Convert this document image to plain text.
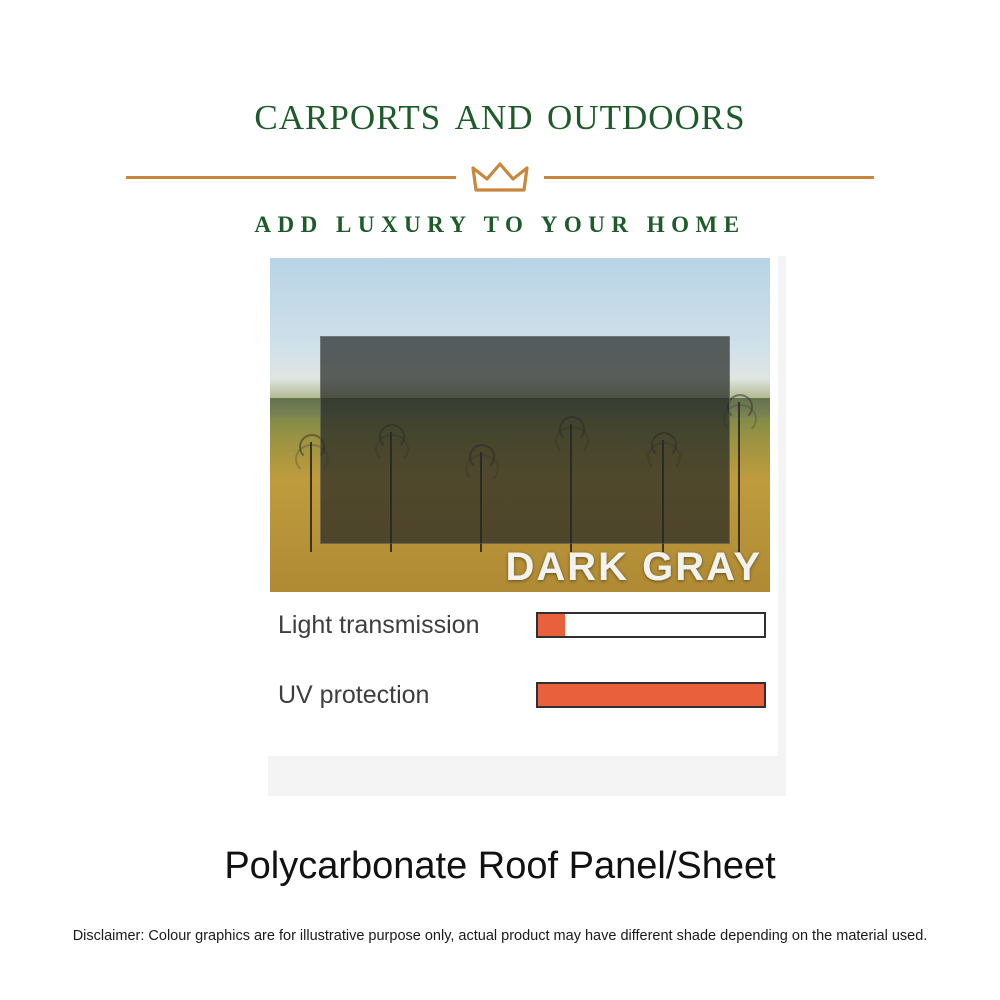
carports and outdoors
ADD LUXURY TO YOUR HOME
DARK GRAY
Light transmission
UV protection
Polycarbonate Roof Panel/Sheet
Disclaimer: Colour graphics are for illustrative purpose only, actual product may have different shade depending on the material used.
